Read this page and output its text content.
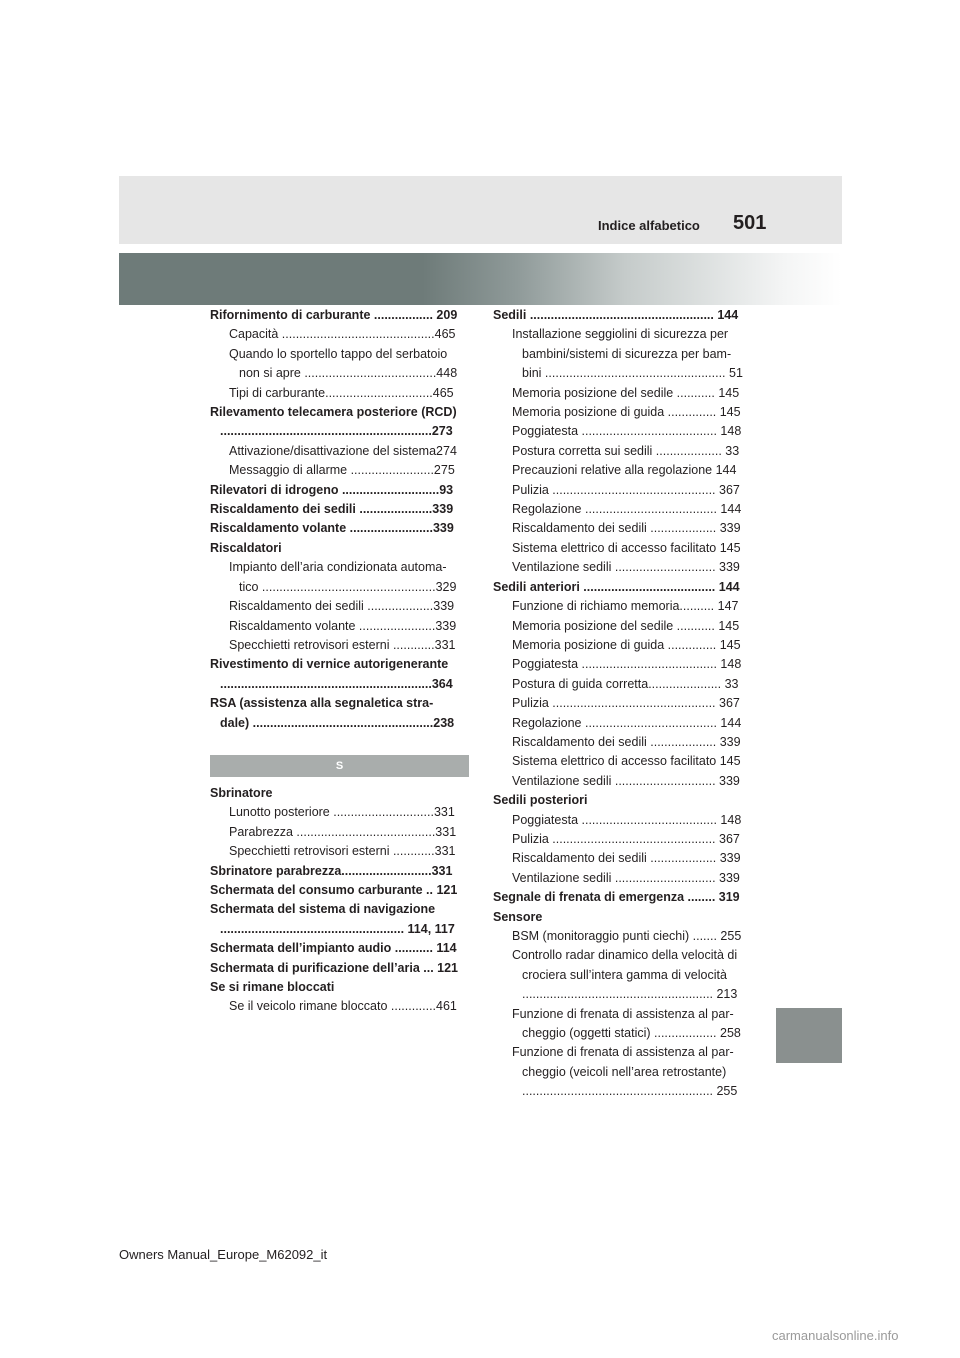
Indice alfabetico 501
Rifornimento di carburante ................. 209
Capacità ............................................465
Quando lo sportello tappo del serbatoio
non si apre ......................................448
Tipi di carburante...............................465
Rilevamento telecamera posteriore (RCD)
.............................................................273
Attivazione/disattivazione del sistema274
Messaggio di allarme ........................275
Rilevatori di idrogeno ............................93
Riscaldamento dei sedili .....................339
Riscaldamento volante ........................339
Riscaldatori
Impianto dell’aria condizionata automa-
tico ..................................................329
Riscaldamento dei sedili ...................339
Riscaldamento volante ......................339
Specchietti retrovisori esterni ............331
Rivestimento di vernice autorigenerante
.............................................................364
RSA (assistenza alla segnaletica stra-
dale) ....................................................238
S
Sbrinatore
Lunotto posteriore .............................331
Parabrezza ........................................331
Specchietti retrovisori esterni ............331
Sbrinatore parabrezza..........................331
Schermata del consumo carburante .. 121
Schermata del sistema di navigazione
..................................................... 114, 117
Schermata dell’impianto audio ........... 114
Schermata di purificazione dell’aria ... 121
Se si rimane bloccati
Se il veicolo rimane bloccato .............461
Sedili ..................................................... 144
Installazione seggiolini di sicurezza per
bambini/sistemi di sicurezza per bam-
bini .................................................... 51
Memoria posizione del sedile ........... 145
Memoria posizione di guida .............. 145
Poggiatesta ....................................... 148
Postura corretta sui sedili ................... 33
Precauzioni relative alla regolazione 144
Pulizia ............................................... 367
Regolazione ...................................... 144
Riscaldamento dei sedili ................... 339
Sistema elettrico di accesso facilitato 145
Ventilazione sedili ............................. 339
Sedili anteriori ...................................... 144
Funzione di richiamo memoria.......... 147
Memoria posizione del sedile ........... 145
Memoria posizione di guida .............. 145
Poggiatesta ....................................... 148
Postura di guida corretta..................... 33
Pulizia ............................................... 367
Regolazione ...................................... 144
Riscaldamento dei sedili ................... 339
Sistema elettrico di accesso facilitato 145
Ventilazione sedili ............................. 339
Sedili posteriori
Poggiatesta ....................................... 148
Pulizia ............................................... 367
Riscaldamento dei sedili ................... 339
Ventilazione sedili ............................. 339
Segnale di frenata di emergenza ........ 319
Sensore
BSM (monitoraggio punti ciechi) ....... 255
Controllo radar dinamico della velocità di
crociera sull’intera gamma di velocità
....................................................... 213
Funzione di frenata di assistenza al par-
cheggio (oggetti statici) .................. 258
Funzione di frenata di assistenza al par-
cheggio (veicoli nell’area retrostante)
....................................................... 255
Owners Manual_Europe_M62092_it
carmanualsonline.info
